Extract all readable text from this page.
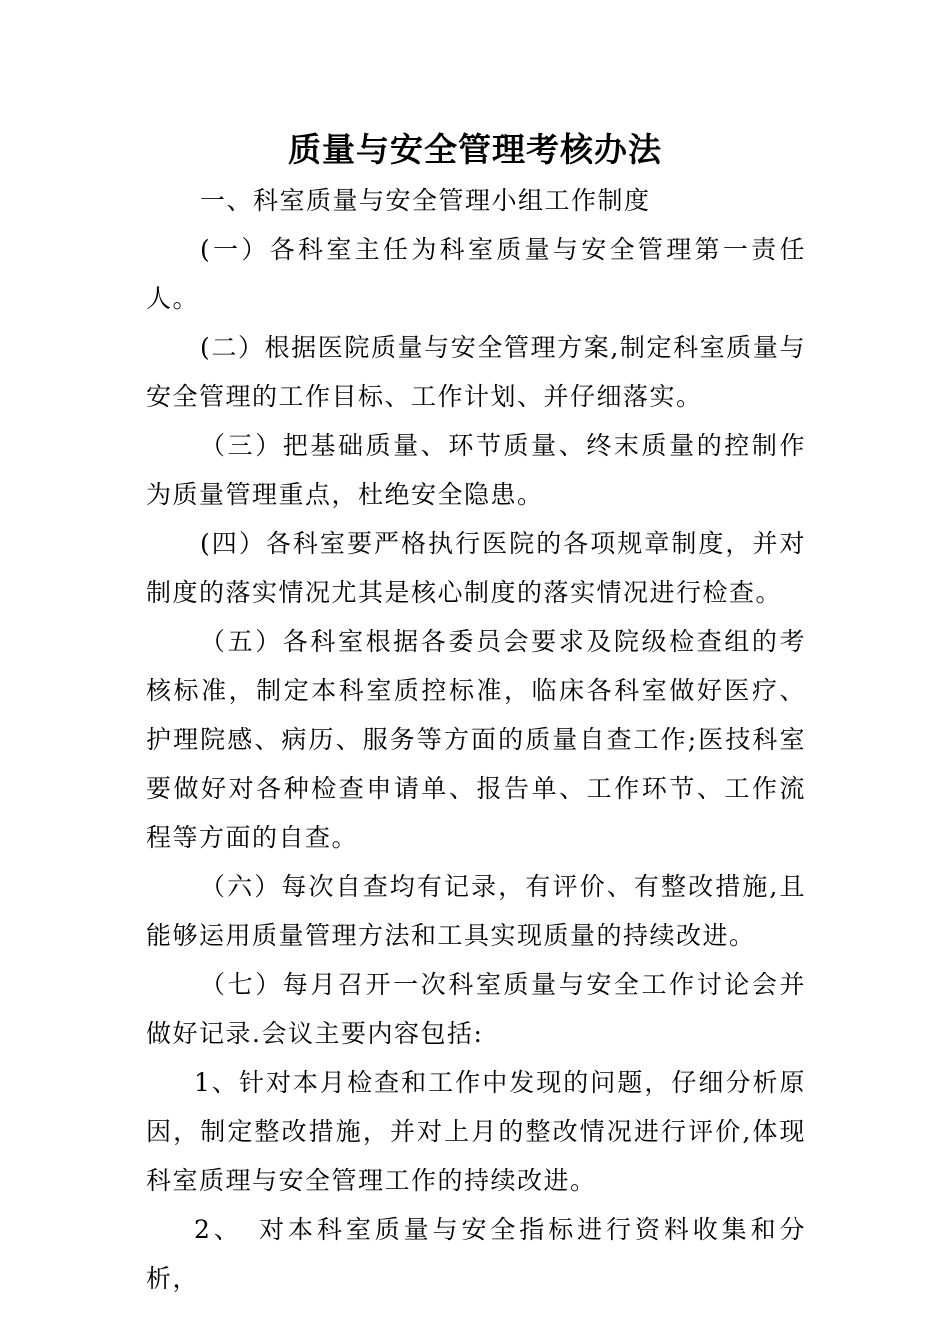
质量与安全管理考核办法

一、科室质量与安全管理小组工作制度

(一）各科室主任为科室质量与安全管理第一责任人。

(二）根据医院质量与安全管理方案,制定科室质量与安全管理的工作目标、工作计划、并仔细落实。

（三）把基础质量、环节质量、终末质量的控制作为质量管理重点，杜绝安全隐患。

(四）各科室要严格执行医院的各项规章制度，并对制度的落实情况尤其是核心制度的落实情况进行检查。

（五）各科室根据各委员会要求及院级检查组的考核标准，制定本科室质控标准，临床各科室做好医疗、护理院感、病历、服务等方面的质量自查工作;医技科室要做好对各种检查申请单、报告单、工作环节、工作流程等方面的自查。

（六）每次自查均有记录，有评价、有整改措施,且能够运用质量管理方法和工具实现质量的持续改进。

（七）每月召开一次科室质量与安全工作讨论会并做好记录.会议主要内容包括:

1、针对本月检查和工作中发现的问题，仔细分析原因，制定整改措施，并对上月的整改情况进行评价,体现科室质理与安全管理工作的持续改进。

2、　对本科室质量与安全指标进行资料收集和分析，
